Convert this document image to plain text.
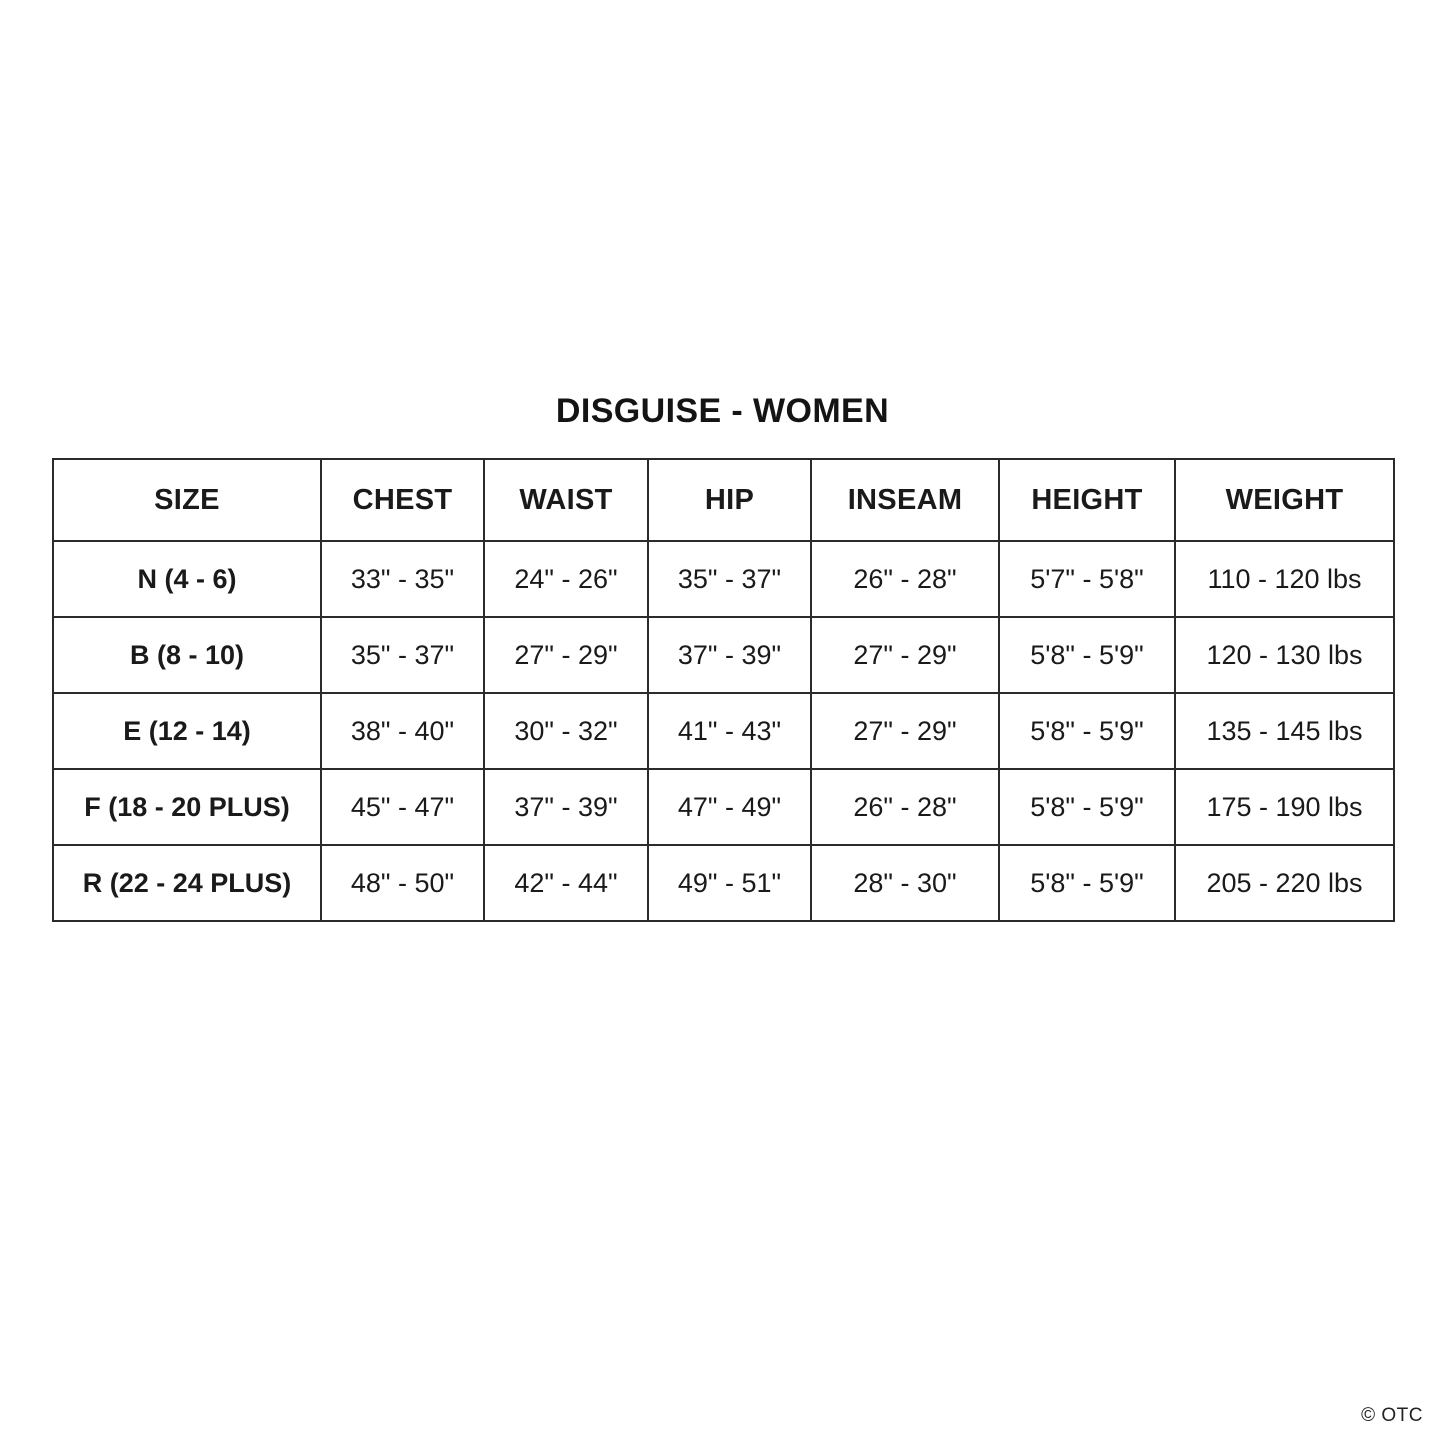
DISGUISE - WOMEN
SIZE	CHEST	WAIST	HIP	INSEAM	HEIGHT	WEIGHT
N (4 - 6)	33" - 35"	24" - 26"	35" - 37"	26" - 28"	5'7" - 5'8"	110 - 120 lbs
B (8 - 10)	35" - 37"	27" - 29"	37" - 39"	27" - 29"	5'8" - 5'9"	120 - 130 lbs
E (12 - 14)	38" - 40"	30" - 32"	41" - 43"	27" - 29"	5'8" - 5'9"	135 - 145 lbs
F (18 - 20 PLUS)	45" - 47"	37" - 39"	47" - 49"	26" - 28"	5'8" - 5'9"	175 - 190 lbs
R (22 - 24 PLUS)	48" - 50"	42" - 44"	49" - 51"	28" - 30"	5'8" - 5'9"	205 - 220 lbs
© OTC
